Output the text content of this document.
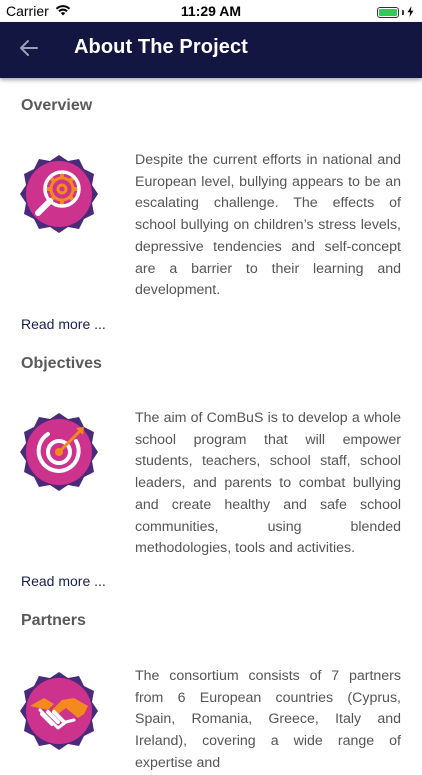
Carrier	11:29 AM
About The Project
Overview
Despite the current efforts in national and European level, bullying appears to be an escalating challenge. The effects of school bullying on children’s stress levels, depressive tendencies and self-concept are a barrier to their learning and development.
Read more ...
Objectives
The aim of ComBuS is to develop a whole school program that will empower students, teachers, school staff, school leaders, and parents to combat bullying and create healthy and safe school communities, using blended methodologies, tools and activities.
Read more ...
Partners
The consortium consists of 7 partners from 6 European countries (Cyprus, Spain, Romania, Greece, Italy and Ireland), covering a wide range of expertise and
